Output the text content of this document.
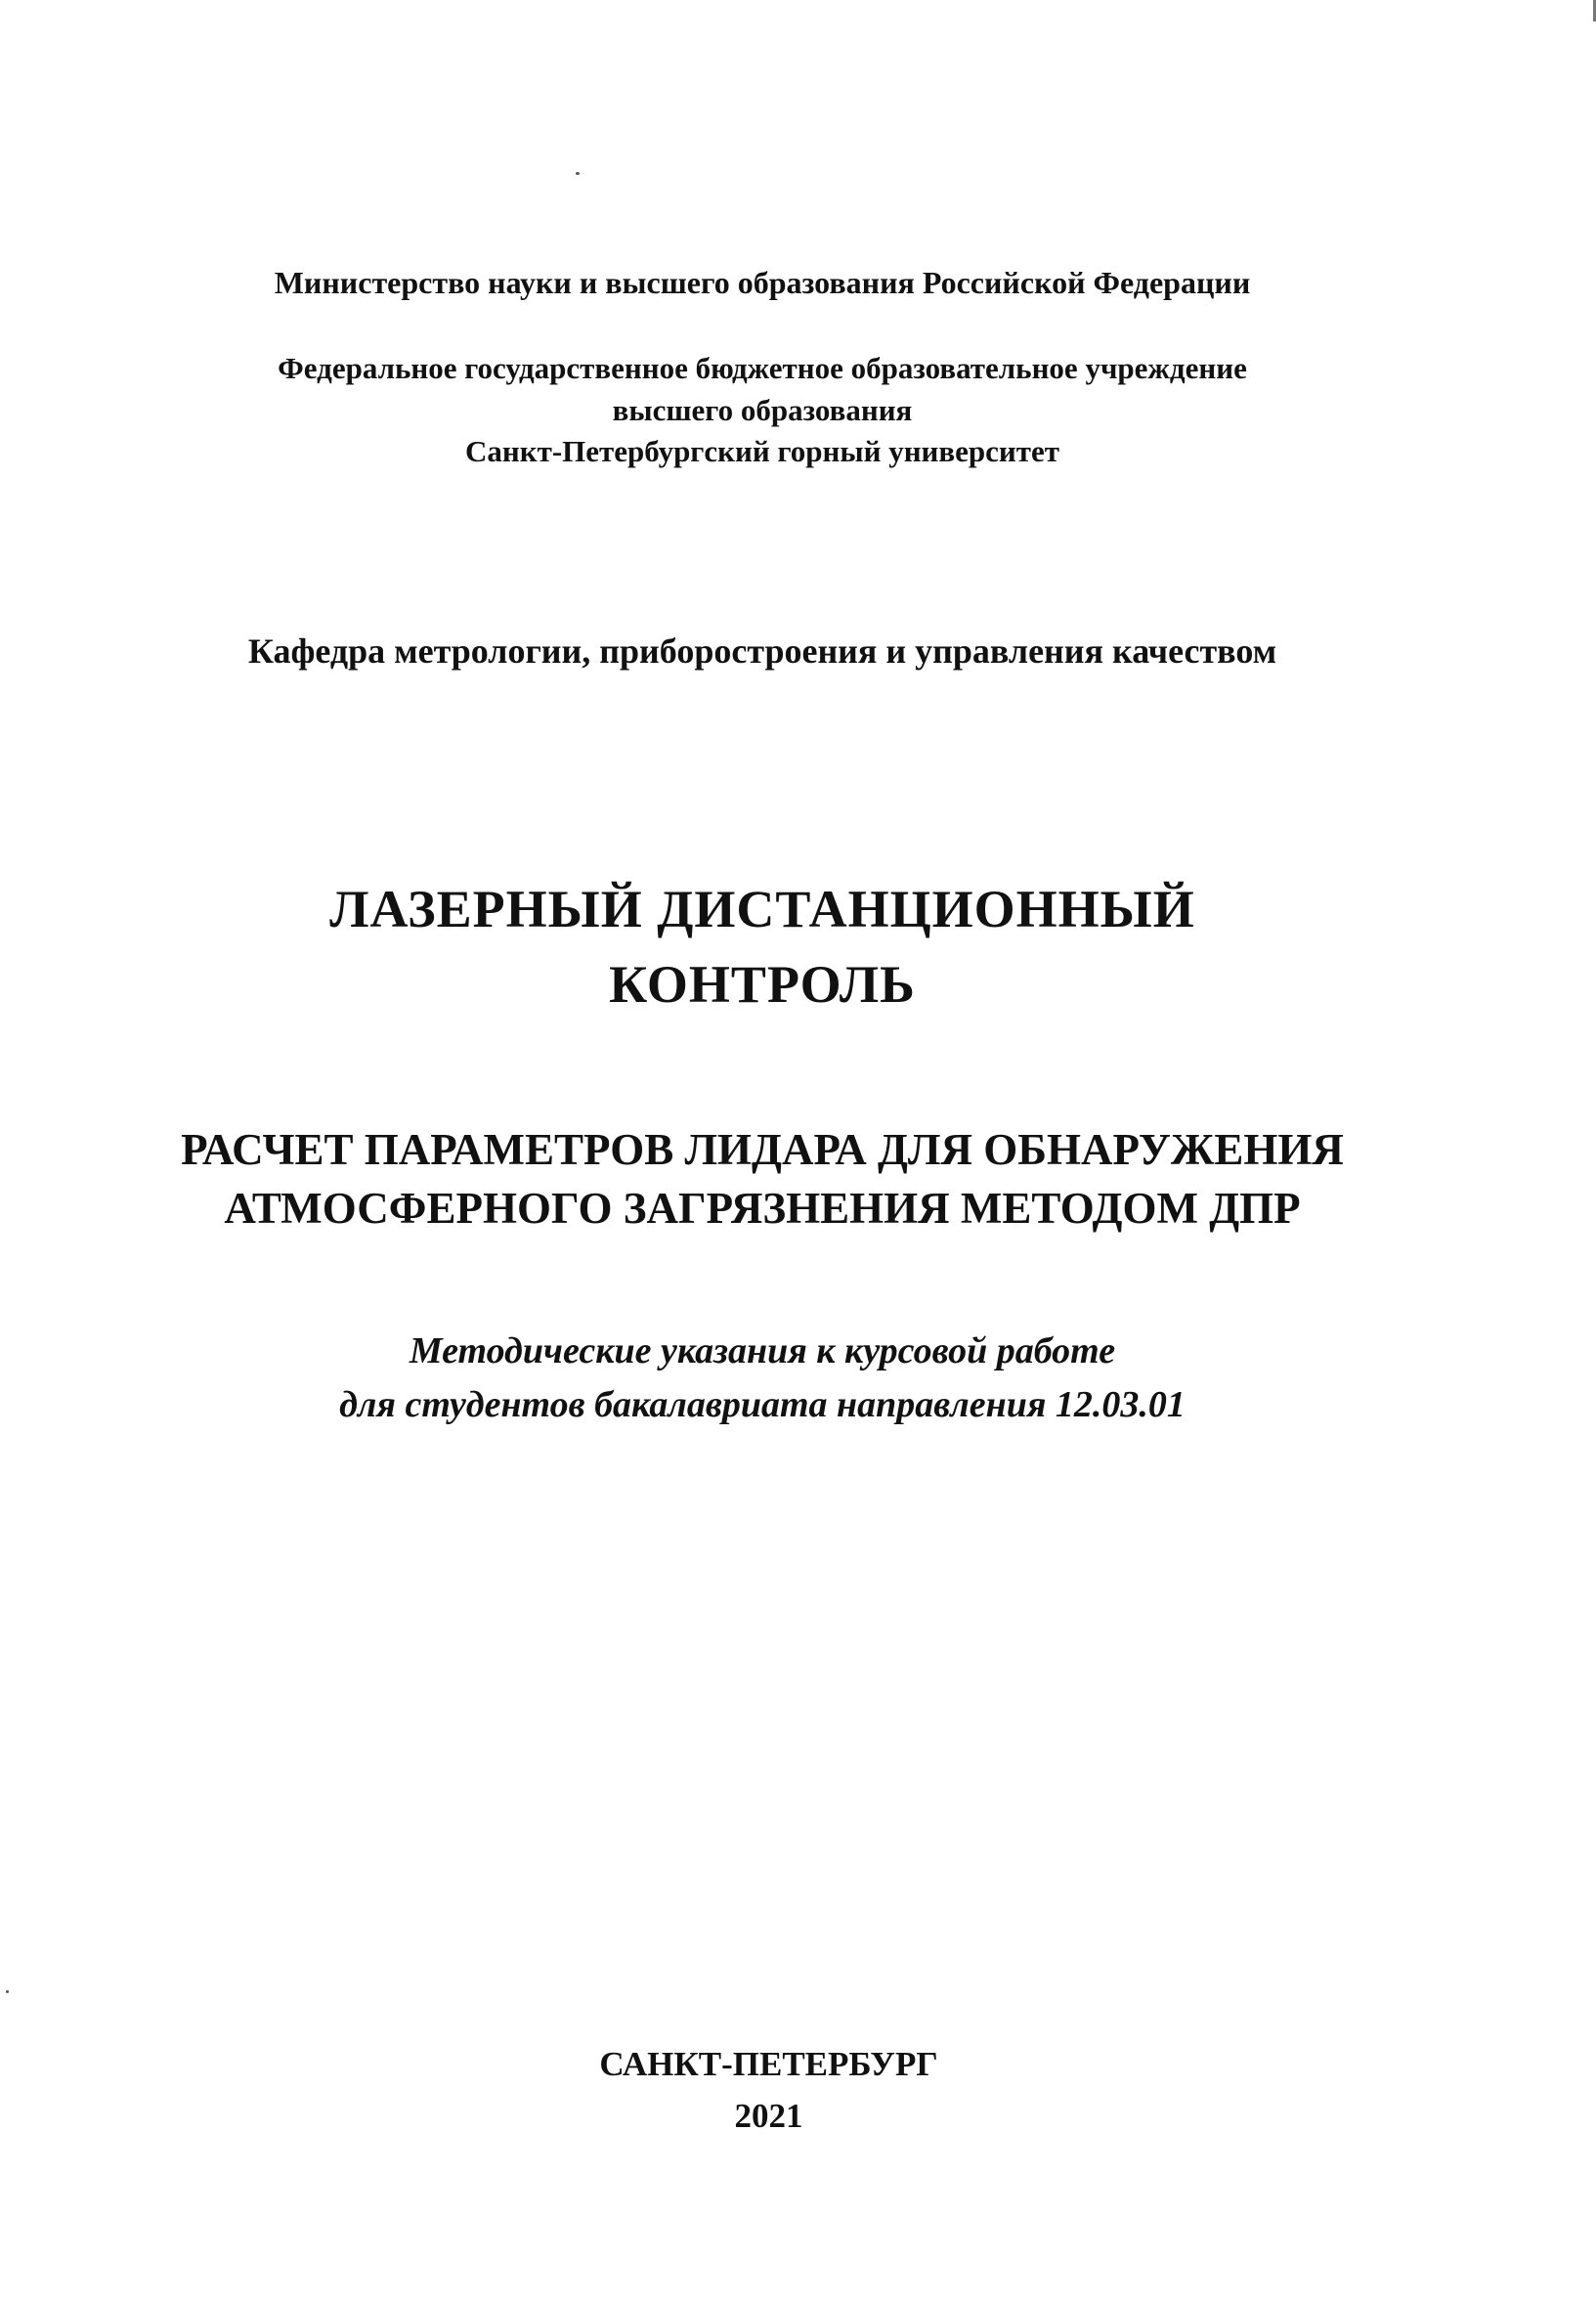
Министерство науки и высшего образования Российской Федерации
Федеральное государственное бюджетное образовательное учреждение
высшего образования
Санкт-Петербургский горный университет
Кафедра метрологии, приборостроения и управления качеством
ЛАЗЕРНЫЙ ДИСТАНЦИОННЫЙ
КОНТРОЛЬ
РАСЧЕТ ПАРАМЕТРОВ ЛИДАРА ДЛЯ ОБНАРУЖЕНИЯ
АТМОСФЕРНОГО ЗАГРЯЗНЕНИЯ МЕТОДОМ ДПР
Методические указания к курсовой работе
для студентов бакалавриата направления 12.03.01
САНКТ-ПЕТЕРБУРГ
2021
